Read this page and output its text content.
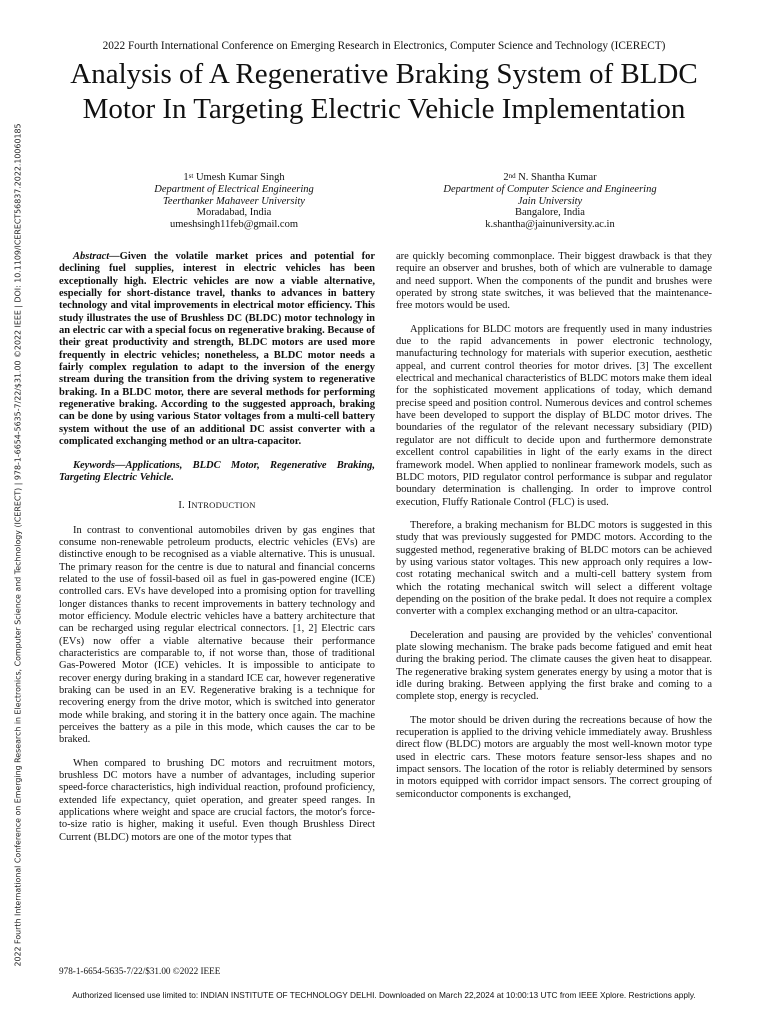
2022 Fourth International Conference on Emerging Research in Electronics, Computer Science and Technology (ICERECT)
Analysis of A Regenerative Braking System of BLDC Motor In Targeting Electric Vehicle Implementation
2022 Fourth International Conference on Emerging Research in Electronics, Computer Science and Technology (ICERECT) | 978-1-6654-5635-7/22/$31.00 ©2022 IEEE | DOI: 10.1109/ICERECT56837.2022.10060185	1st Umesh Kumar Singh
Department of Electrical Engineering
Teerthanker Mahaveer University
Moradabad, India
umeshsingh11feb@gmail.com
2nd N. Shantha Kumar
Department of Computer Science and Engineering
Jain University
Bangalore, India
k.shantha@jainuniversity.ac.in

Abstract—Given the volatile market prices and potential for declining fuel supplies, interest in electric vehicles has been exceptionally high. Electric vehicles are now a viable alternative, especially for short-distance travel, thanks to advances in battery technology and vital improvements in electrical motor efficiency. This study illustrates the use of Brushless DC (BLDC) motor technology in an electric car with a special focus on regenerative braking. Because of their great productivity and strength, BLDC motors are used more frequently in electric vehicles; nonetheless, a BLDC motor needs a fairly complex regulation to adapt to the inversion of the energy stream during the transition from the driving system to regenerative braking. In a BLDC motor, there are several methods for performing regenerative braking. According to the suggested approach, braking can be done by using various Stator voltages from a multi-cell battery system without the use of an additional DC assist converter with a complicated exchanging method or an ultra-capacitor.

Keywords—Applications, BLDC Motor, Regenerative Braking, Targeting Electric Vehicle.

I. INTRODUCTION

In contrast to conventional automobiles driven by gas engines that consume non-renewable petroleum products, electric vehicles (EVs) are distinctive enough to be recognised as a viable alternative. This is unusual. The primary reason for the centre is due to natural and financial concerns related to the use of fossil-based oil as fuel in gas-powered engine (ICE) controlled cars. EVs have developed into a promising option for travelling longer distances thanks to recent improvements in battery technology and motor efficiency. Module electric vehicles have a battery architecture that can be recharged using regular electrical connectors. [1, 2] Electric cars (EVs) now offer a viable alternative because their performance characteristics are comparable to, if not worse than, those of traditional Gas-Powered Motor (ICE) vehicles. It is impossible to anticipate to recover energy during braking in a standard ICE car, however regenerative braking can be used in an EV. Regenerative braking is a technique for recovering energy from the drive motor, which is switched into generator mode while braking, and storing it in the battery once again. The machine perceives the battery as a pile in this mode, which causes the car to be braked.

When compared to brushing DC motors and recruitment motors, brushless DC motors have a number of advantages, including superior speed-force characteristics, high individual reaction, profound proficiency, extended life expectancy, quiet operation, and greater speed ranges. In applications where weight and space are crucial factors, the motor's force-to-size ratio is higher, making it useful. Even though Brushless Direct Current (BLDC) motors are one of the motor types that

are quickly becoming commonplace. Their biggest drawback is that they require an observer and brushes, both of which are vulnerable to damage and need support. When the components of the pundit and brushes were operated by strong state switches, it was believed that the maintenance-free motors would be used.

Applications for BLDC motors are frequently used in many industries due to the rapid advancements in power electronic technology, manufacturing technology for materials with superior execution, aesthetic appeal, and current control theories for motor drives. [3] The excellent electrical and mechanical characteristics of BLDC motors make them ideal for the sophisticated movement applications of today, which demand precise speed and position control. Numerous devices and control schemes have been developed to support the display of BLDC motor drives. The boundaries of the regulator of the relevant necessary subsidiary (PID) regulator are not difficult to decide upon and furthermore demonstrate excellent control capabilities in light of the early exams in the direct framework model. When applied to nonlinear framework models, such as BLDC motors, PID regulator control performance is subpar and regulator boundary determination is challenging. In order to improve control execution, Fluffy Rationale Control (FLC) is used.

Therefore, a braking mechanism for BLDC motors is suggested in this study that was previously suggested for PMDC motors. According to the suggested method, regenerative braking of BLDC motors can be achieved by using various stator voltages. This new approach only requires a low-cost rotating mechanical switch and a multi-cell battery system from which the rotating mechanical switch will select a different voltage depending on the position of the brake pedal. It does not require a complex converter with a complex exchanging method or an ultra-capacitor.

Deceleration and pausing are provided by the vehicles' conventional plate slowing mechanism. The brake pads become fatigued and emit heat during the braking period. The climate causes the given heat to disappear. The regenerative braking system generates energy by using a motor that is idle during braking. Between applying the first brake and coming to a complete stop, energy is recycled.

The motor should be driven during the recreations because of how the recuperation is applied to the driving vehicle immediately away. Brushless direct flow (BLDC) motors are arguably the most well-known motor type used in electric cars. These motors feature sensor-less shapes and no impact sensors. The location of the rotor is reliably determined by sensors in motors equipped with corridor impact sensors. The correct grouping of semiconductor components is exchanged,

978-1-6654-5635-7/22/$31.00 ©2022 IEEE
Authorized licensed use limited to: INDIAN INSTITUTE OF TECHNOLOGY DELHI. Downloaded on March 22,2024 at 10:00:13 UTC from IEEE Xplore. Restrictions apply.
